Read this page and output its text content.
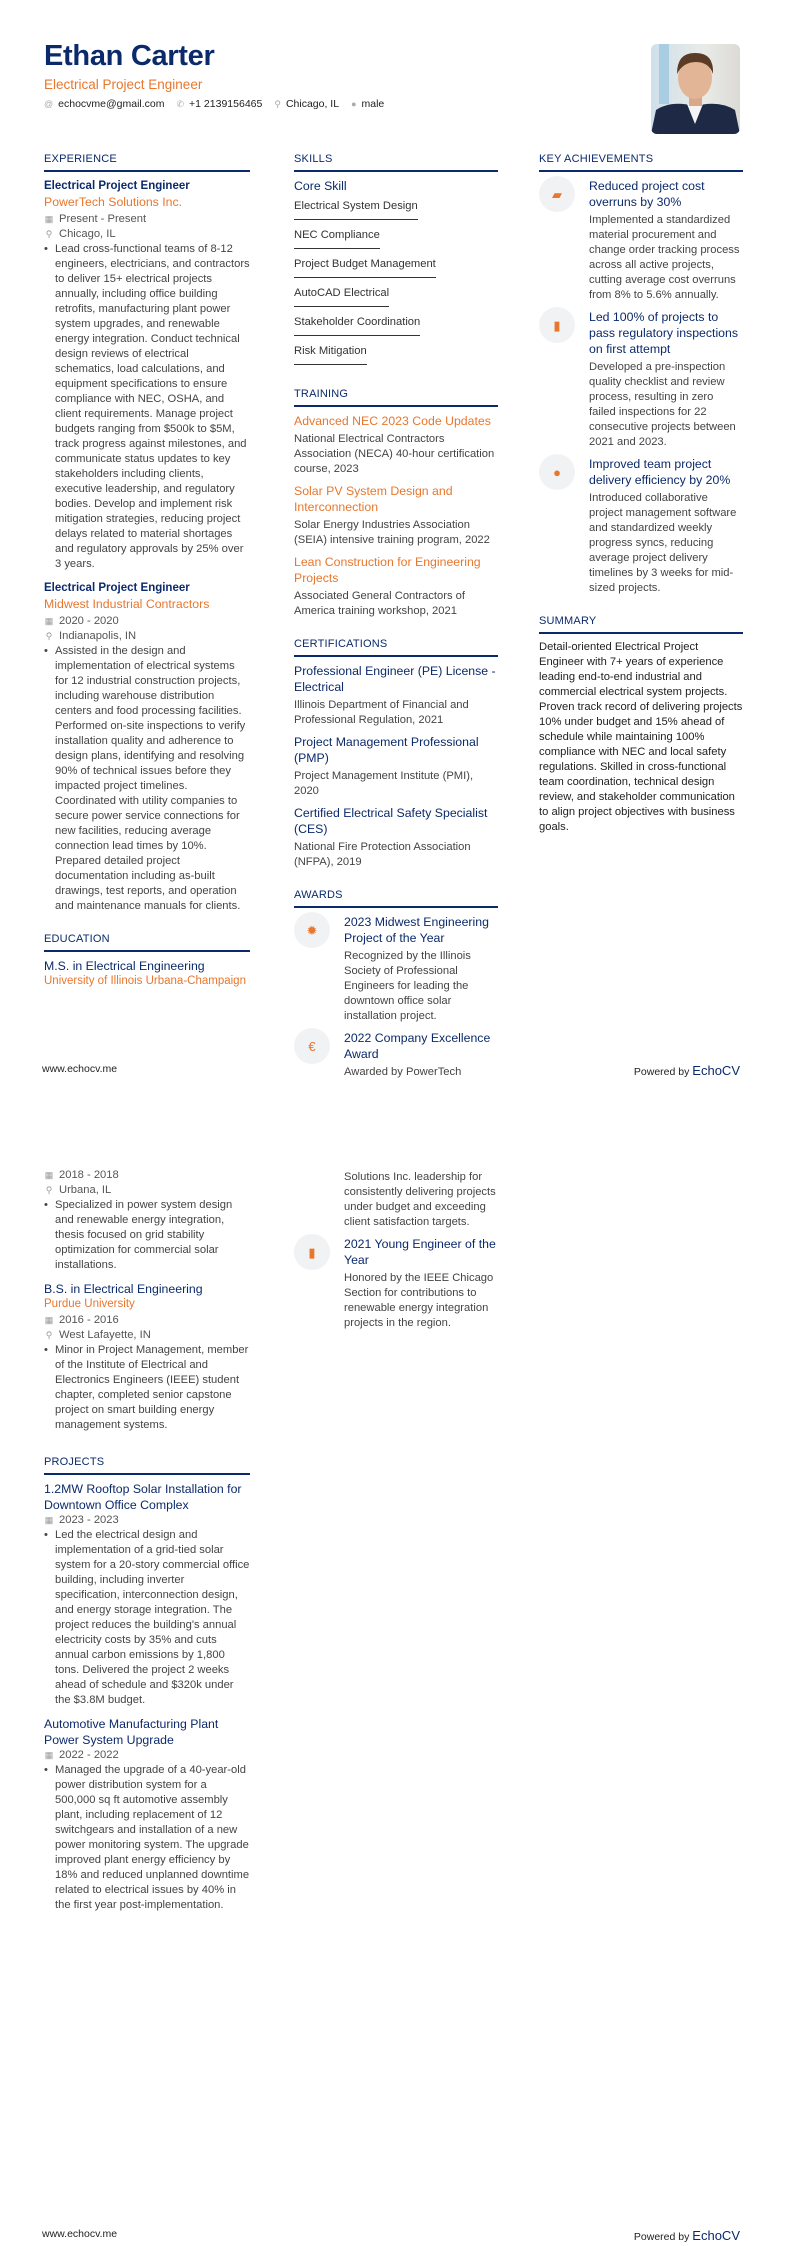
Ethan Carter
Electrical Project Engineer
@ echocvme@gmail.com ✆ +1 2139156465 ⚲ Chicago, IL ● male
EXPERIENCE
Electrical Project Engineer
PowerTech Solutions Inc.
▦ Present - Present
⚲ Chicago, IL
• Lead cross-functional teams of 8-12 engineers, electricians, and contractors to deliver 15+ electrical projects annually, including office building retrofits, manufacturing plant power system upgrades, and renewable energy integration. Conduct technical design reviews of electrical schematics, load calculations, and equipment specifications to ensure compliance with NEC, OSHA, and client requirements. Manage project budgets ranging from $500k to $5M, track progress against milestones, and communicate status updates to key stakeholders including clients, executive leadership, and regulatory bodies. Develop and implement risk mitigation strategies, reducing project delays related to material shortages and regulatory approvals by 25% over 3 years.
Electrical Project Engineer
Midwest Industrial Contractors
▦ 2020 - 2020
⚲ Indianapolis, IN
• Assisted in the design and implementation of electrical systems for 12 industrial construction projects, including warehouse distribution centers and food processing facilities. Performed on-site inspections to verify installation quality and adherence to design plans, identifying and resolving 90% of technical issues before they impacted project timelines. Coordinated with utility companies to secure power service connections for new facilities, reducing average connection lead times by 10%. Prepared detailed project documentation including as-built drawings, test reports, and operation and maintenance manuals for clients.
EDUCATION
M.S. in Electrical Engineering
University of Illinois Urbana-Champaign
SKILLS
Core Skill
Electrical System Design
NEC Compliance
Project Budget Management
AutoCAD Electrical
Stakeholder Coordination
Risk Mitigation
TRAINING
Advanced NEC 2023 Code Updates
National Electrical Contractors Association (NECA) 40-hour certification course, 2023
Solar PV System Design and Interconnection
Solar Energy Industries Association (SEIA) intensive training program, 2022
Lean Construction for Engineering Projects
Associated General Contractors of America training workshop, 2021
CERTIFICATIONS
Professional Engineer (PE) License - Electrical
Illinois Department of Financial and Professional Regulation, 2021
Project Management Professional (PMP)
Project Management Institute (PMI), 2020
Certified Electrical Safety Specialist (CES)
National Fire Protection Association (NFPA), 2019
AWARDS
✹
2023 Midwest Engineering Project of the Year
Recognized by the Illinois Society of Professional Engineers for leading the downtown office solar installation project.
€
2022 Company Excellence Award
Awarded by PowerTech
KEY ACHIEVEMENTS
▰
Reduced project cost overruns by 30%
Implemented a standardized material procurement and change order tracking process across all active projects, cutting average cost overruns from 8% to 5.6% annually.
▮
Led 100% of projects to pass regulatory inspections on first attempt
Developed a pre-inspection quality checklist and review process, resulting in zero failed inspections for 22 consecutive projects between 2021 and 2023.
●
Improved team project delivery efficiency by 20%
Introduced collaborative project management software and standardized weekly progress syncs, reducing average project delivery timelines by 3 weeks for mid-sized projects.
SUMMARY
Detail-oriented Electrical Project Engineer with 7+ years of experience leading end-to-end industrial and commercial electrical system projects. Proven track record of delivering projects 10% under budget and 15% ahead of schedule while maintaining 100% compliance with NEC and local safety regulations. Skilled in cross-functional team coordination, technical design review, and stakeholder communication to align project objectives with business goals.
www.echocv.me	Powered by EchoCV
▦ 2018 - 2018
⚲ Urbana, IL
• Specialized in power system design and renewable energy integration, thesis focused on grid stability optimization for commercial solar installations.
B.S. in Electrical Engineering
Purdue University
▦ 2016 - 2016
⚲ West Lafayette, IN
• Minor in Project Management, member of the Institute of Electrical and Electronics Engineers (IEEE) student chapter, completed senior capstone project on smart building energy management systems.
PROJECTS
1.2MW Rooftop Solar Installation for Downtown Office Complex
▦ 2023 - 2023
• Led the electrical design and implementation of a grid-tied solar system for a 20-story commercial office building, including inverter specification, interconnection design, and energy storage integration. The project reduces the building's annual electricity costs by 35% and cuts annual carbon emissions by 1,800 tons. Delivered the project 2 weeks ahead of schedule and $320k under the $3.8M budget.
Automotive Manufacturing Plant Power System Upgrade
▦ 2022 - 2022
• Managed the upgrade of a 40-year-old power distribution system for a 500,000 sq ft automotive assembly plant, including replacement of 12 switchgears and installation of a new power monitoring system. The upgrade improved plant energy efficiency by 18% and reduced unplanned downtime related to electrical issues by 40% in the first year post-implementation.
Solutions Inc. leadership for consistently delivering projects under budget and exceeding client satisfaction targets.
▮
2021 Young Engineer of the Year
Honored by the IEEE Chicago Section for contributions to renewable energy integration projects in the region.
www.echocv.me	Powered by EchoCV
